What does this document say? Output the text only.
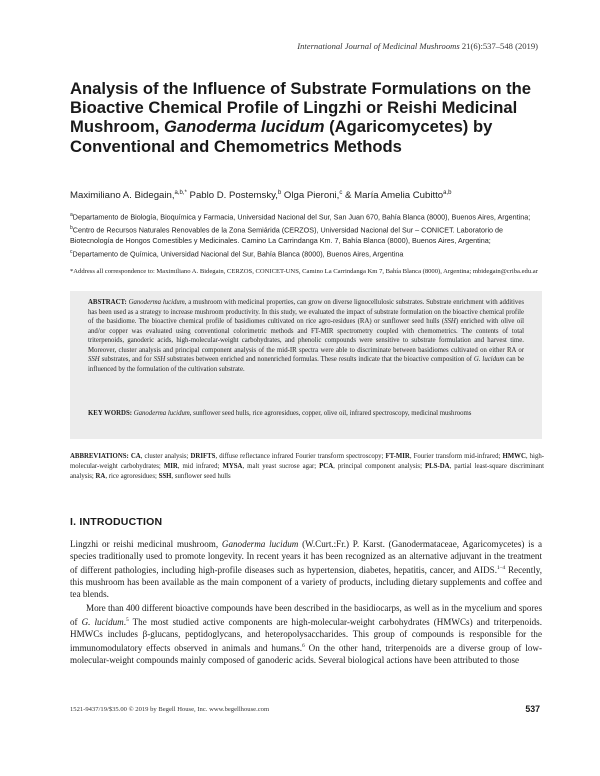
International Journal of Medicinal Mushrooms 21(6):537–548 (2019)
Analysis of the Influence of Substrate Formulations on the Bioactive Chemical Profile of Lingzhi or Reishi Medicinal Mushroom, Ganoderma lucidum (Agaricomycetes) by Conventional and Chemometrics Methods
Maximiliano A. Bidegain,$^{a,b,*}$ Pablo D. Postemsky,$^b$ Olga Pieroni,$^c$ & María Amelia Cubitto$^{a,b}$
$^a$Departamento de Biología, Bioquímica y Farmacia, Universidad Nacional del Sur, San Juan 670, Bahía Blanca (8000), Buenos Aires, Argentina; $^b$Centro de Recursos Naturales Renovables de la Zona Semiárida (CERZOS), Universidad Nacional del Sur – CONICET. Laboratorio de Biotecnología de Hongos Comestibles y Medicinales. Camino La Carrindanga Km. 7, Bahía Blanca (8000), Buenos Aires, Argentina; $^c$Departamento de Química, Universidad Nacional del Sur, Bahía Blanca (8000), Buenos Aires, Argentina
*Address all correspondence to: Maximiliano A. Bidegain, CERZOS, CONICET-UNS, Camino La Carrindanga Km 7, Bahía Blanca (8000), Argentina; mbidegain@criba.edu.ar
ABSTRACT: Ganoderma lucidum, a mushroom with medicinal properties, can grow on diverse lignocellulosic substrates. Substrate enrichment with additives has been used as a strategy to increase mushroom productivity. In this study, we evaluated the impact of substrate formulation on the bioactive chemical profile of the basidiome. The bioactive chemical profile of basidiomes cultivated on rice agro-residues (RA) or sunflower seed hulls (SSH) enriched with olive oil and/or copper was evaluated using conventional colorimetric methods and FT-MIR spectrometry coupled with chemometrics. The contents of total triterpenoids, ganoderic acids, high-molecular-weight carbohydrates, and phenolic compounds were sensitive to substrate formulation and harvest time. Moreover, cluster analysis and principal component analysis of the mid-IR spectra were able to discriminate between basidiomes cultivated on either RA or SSH substrates, and for SSH substrates between enriched and nonenriched formulas. These results indicate that the bioactive composition of G. lucidum can be influenced by the formulation of the cultivation substrate.
KEY WORDS: Ganoderma lucidum, sunflower seed hulls, rice agroresidues, copper, olive oil, infrared spectroscopy, medicinal mushrooms
ABBREVIATIONS: CA, cluster analysis; DRIFTS, diffuse reflectance infrared Fourier transform spectroscopy; FT-MIR, Fourier transform mid-infrared; HMWC, high-molecular-weight carbohydrates; MIR, mid infrared; MYSA, malt yeast sucrose agar; PCA, principal component analysis; PLS-DA, partial least-square discriminant analysis; RA, rice agroresidues; SSH, sunflower seed hulls
I. INTRODUCTION

Lingzhi or reishi medicinal mushroom, Ganoderma lucidum (W.Curt.:Fr.) P. Karst. (Ganodermataceae, Agaricomycetes) is a species traditionally used to promote longevity. In recent years it has been recognized as an alternative adjuvant in the treatment of different pathologies, including high-profile diseases such as hypertension, diabetes, hepatitis, cancer, and AIDS.$^{1-4}$ Recently, this mushroom has been available as the main component of a variety of products, including dietary supplements and coffee and tea blends.

More than 400 different bioactive compounds have been described in the basidiocarps, as well as in the mycelium and spores of G. lucidum.$^5$ The most studied active components are high-molecular-weight carbohydrates (HMWCs) and triterpenoids. HMWCs includes β-glucans, peptidoglycans, and heteropolysaccharides. This group of compounds is responsible for the immunomodulatory effects observed in animals and humans.$^6$ On the other hand, triterpenoids are a diverse group of low-molecular-weight compounds mainly composed of ganoderic acids. Several biological actions have been attributed to those

1521-9437/19/$35.00 © 2019 by Begell House, Inc. www.begellhouse.com	537
